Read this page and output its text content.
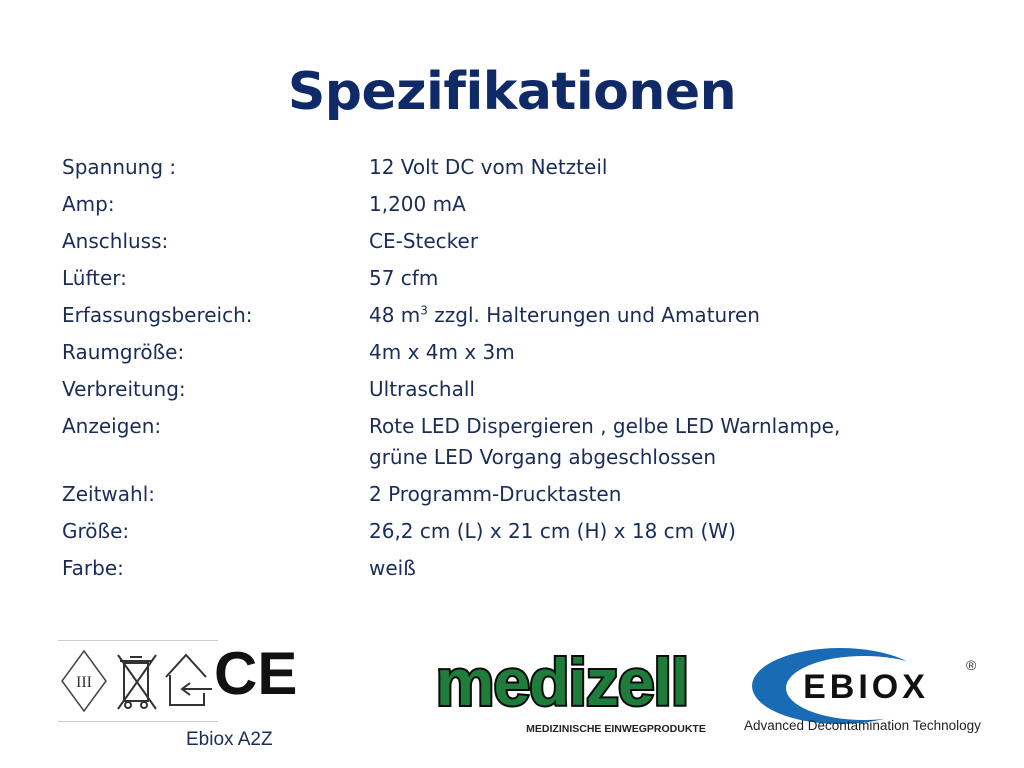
Spezifikationen
Spannung :	12 Volt DC vom Netzteil
Amp:	1,200 mA
Anschluss:	CE-Stecker
Lüfter:	57 cfm
Erfassungsbereich:	48 $m^3$ zzgl. Halterungen und Amaturen
Raumgröße:	4m x 4m x 3m
Verbreitung:	Ultraschall
Anzeigen:	Rote LED Dispergieren , gelbe LED Warnlampe,
grüne LED Vorgang abgeschlossen
Zeitwahl:	2 Programm-Drucktasten
Größe:	26,2 cm (L) x 21 cm (H) x 18 cm (W)
Farbe:	weiß
III CE
Ebiox A2Z
medizell
MEDIZINISCHE EINWEGPRODUKTE
EBIOX
®
Advanced Decontamination Technology
